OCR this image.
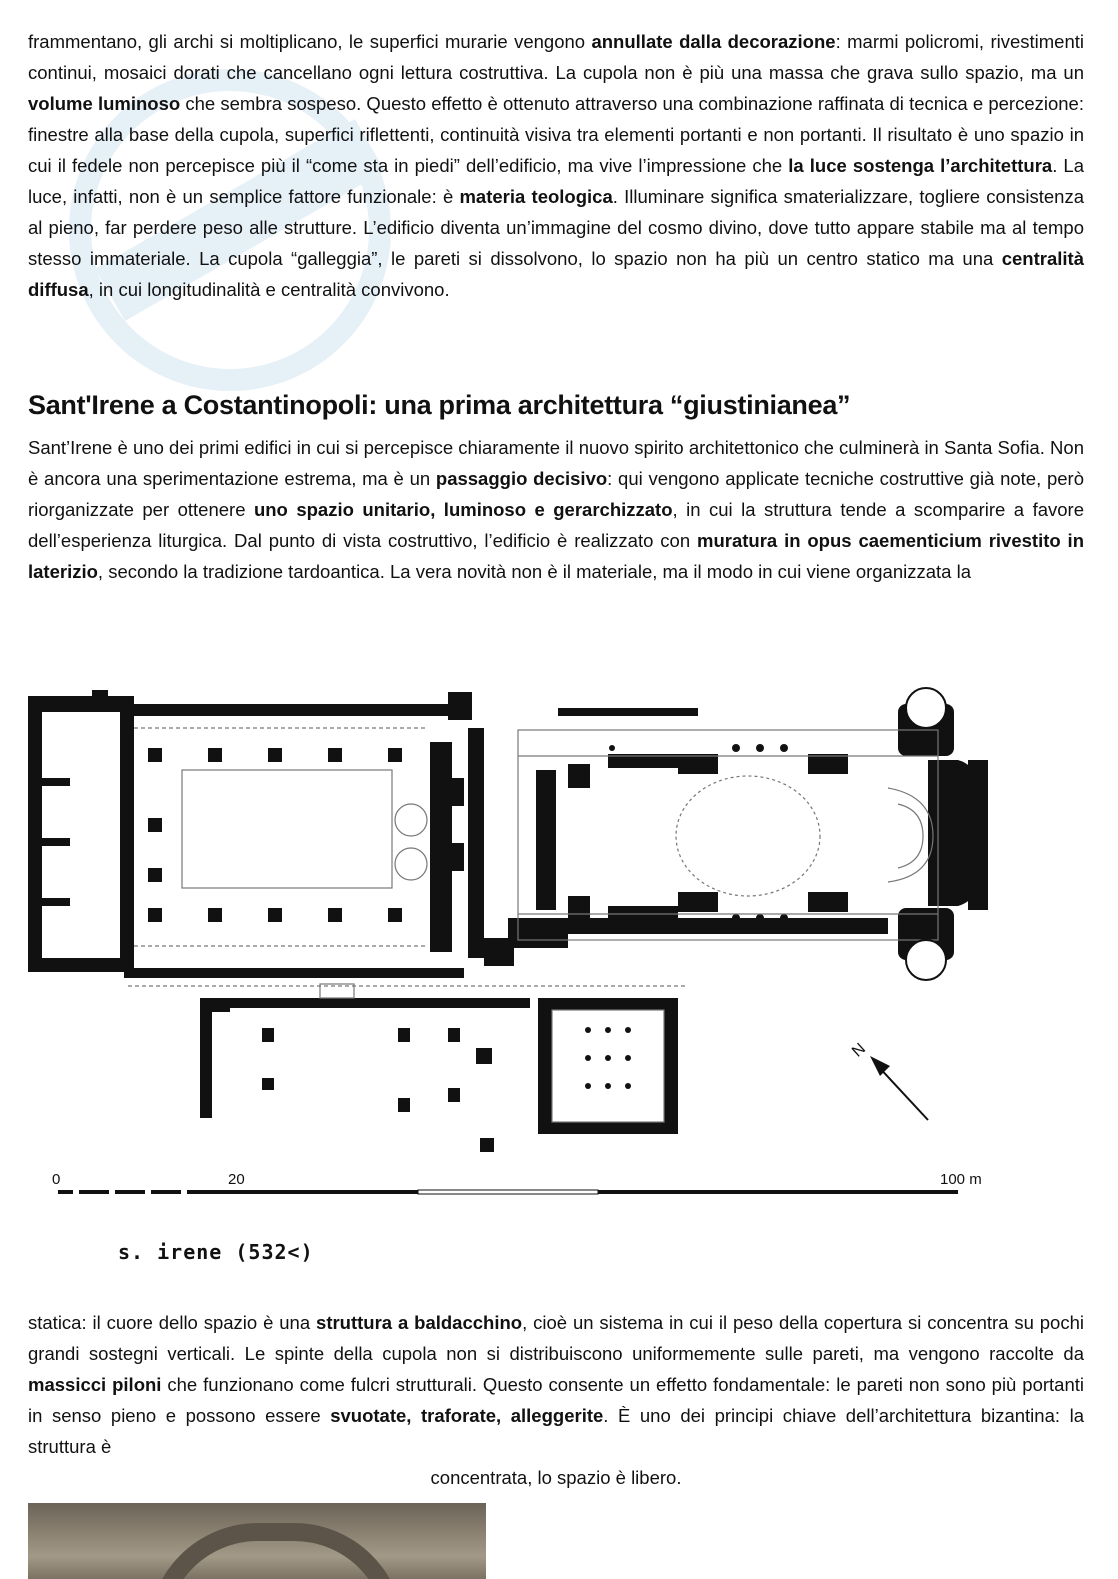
frammentano, gli archi si moltiplicano, le superfici murarie vengono annullate dalla decorazione: marmi policromi, rivestimenti continui, mosaici dorati che cancellano ogni lettura costruttiva. La cupola non è più una massa che grava sullo spazio, ma un volume luminoso che sembra sospeso. Questo effetto è ottenuto attraverso una combinazione raffinata di tecnica e percezione: finestre alla base della cupola, superfici riflettenti, continuità visiva tra elementi portanti e non portanti. Il risultato è uno spazio in cui il fedele non percepisce più il “come sta in piedi” dell’edificio, ma vive l’impressione che la luce sostenga l’architettura. La luce, infatti, non è un semplice fattore funzionale: è materia teologica. Illuminare significa smaterializzare, togliere consistenza al pieno, far perdere peso alle strutture. L’edificio diventa un’immagine del cosmo divino, dove tutto appare stabile ma al tempo stesso immateriale. La cupola “galleggia”, le pareti si dissolvono, lo spazio non ha più un centro statico ma una centralità diffusa, in cui longitudinalità e centralità convivono.

Sant'Irene a Costantinopoli: una prima architettura “giustinianea”

Sant’Irene è uno dei primi edifici in cui si percepisce chiaramente il nuovo spirito architettonico che culminerà in Santa Sofia. Non è ancora una sperimentazione estrema, ma è un passaggio decisivo: qui vengono applicate tecniche costruttive già note, però riorganizzate per ottenere uno spazio unitario, luminoso e gerarchizzato, in cui la struttura tende a scomparire a favore dell’esperienza liturgica. Dal punto di vista costruttivo, l’edificio è realizzato con muratura in opus caementicium rivestito in laterizio, secondo la tradizione tardoantica. La vera novità non è il materiale, ma il modo in cui viene organizzata la

N
0	20	100 m
s. irene (532<)

statica: il cuore dello spazio è una struttura a baldacchino, cioè un sistema in cui il peso della copertura si concentra su pochi grandi sostegni verticali. Le spinte della cupola non si distribuiscono uniformemente sulle pareti, ma vengono raccolte da massicci piloni che funzionano come fulcri strutturali. Questo consente un effetto fondamentale: le pareti non sono più portanti in senso pieno e possono essere svuotate, traforate, alleggerite. È uno dei principi chiave dell’architettura bizantina: la struttura è
concentrata, lo spazio è libero.
